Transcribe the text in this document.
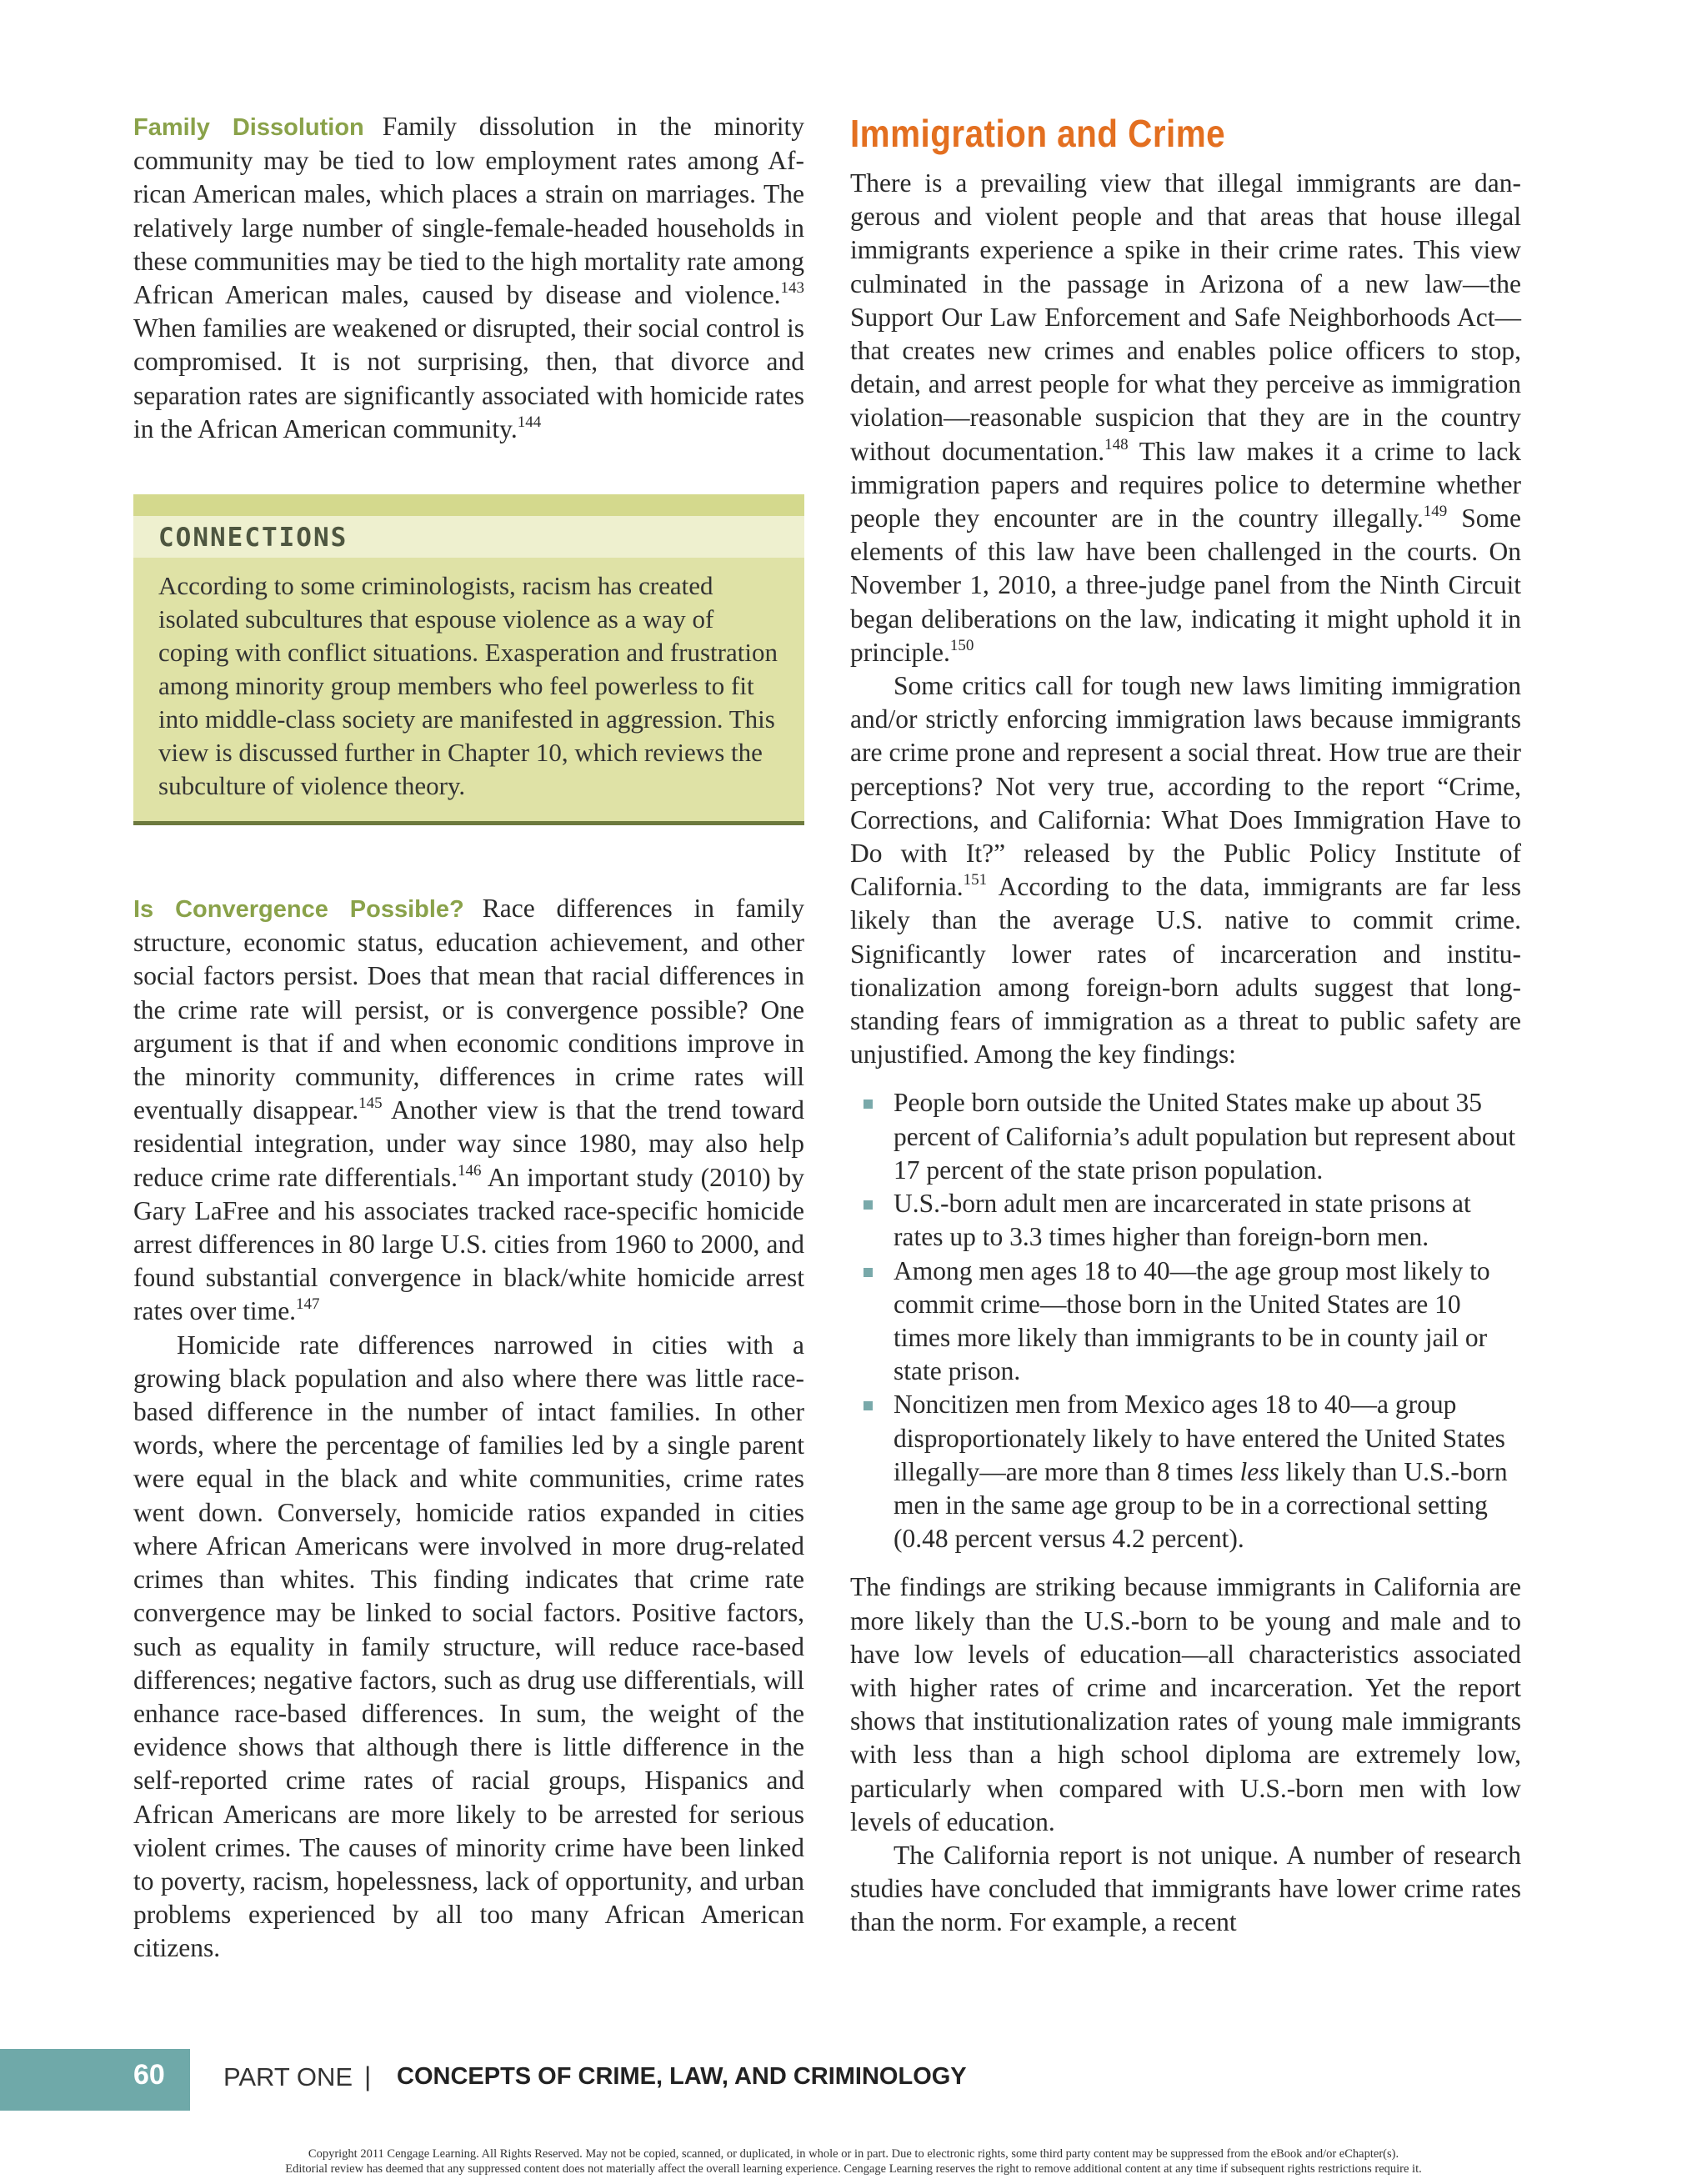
Family Dissolution Family dissolution in the minority community may be tied to low employment rates among African American males, which places a strain on marriages. The relatively large number of single-female-headed households in these communities may be tied to the high mortality rate among African American males, caused by disease and violence.$^{143}$ When families are weakened or disrupted, their social control is compromised. It is not surprising, then, that divorce and separation rates are significantly associated with homicide rates in the African American community.$^{144}$

CONNECTIONS
According to some criminologists, racism has created isolated subcultures that espouse violence as a way of coping with conflict situations. Exasperation and frustration among minority group members who feel powerless to fit into middle-class society are manifested in aggression. This view is discussed further in Chapter 10, which reviews the subculture of violence theory.

Is Convergence Possible? Race differences in family structure, economic status, education achievement, and other social factors persist. Does that mean that racial differences in the crime rate will persist, or is convergence possible? One argument is that if and when economic conditions improve in the minority community, differences in crime rates will eventually disappear.$^{145}$ Another view is that the trend toward residential integration, under way since 1980, may also help reduce crime rate differentials.$^{146}$ An important study (2010) by Gary LaFree and his associates tracked race-specific homicide arrest differences in 80 large U.S. cities from 1960 to 2000, and found substantial convergence in black/white homicide arrest rates over time.$^{147}$

Homicide rate differences narrowed in cities with a growing black population and also where there was little race-based difference in the number of intact families. In other words, where the percentage of families led by a single parent were equal in the black and white communities, crime rates went down. Conversely, homicide ratios expanded in cities where African Americans were involved in more drug-related crimes than whites. This finding indicates that crime rate convergence may be linked to social factors. Positive factors, such as equality in family structure, will reduce race-based differences; negative factors, such as drug use differentials, will enhance race-based differences. In sum, the weight of the evidence shows that although there is little difference in the self-reported crime rates of racial groups, Hispanics and African Americans are more likely to be arrested for serious violent crimes. The causes of minority crime have been linked to poverty, racism, hopelessness, lack of opportunity, and urban problems experienced by all too many African American citizens.

Immigration and Crime

There is a prevailing view that illegal immigrants are dangerous and violent people and that areas that house illegal immigrants experience a spike in their crime rates. This view culminated in the passage in Arizona of a new law—the Support Our Law Enforcement and Safe Neighborhoods Act—that creates new crimes and enables police officers to stop, detain, and arrest people for what they perceive as immigration violation—reasonable suspicion that they are in the country without documentation.$^{148}$ This law makes it a crime to lack immigration papers and requires police to determine whether people they encounter are in the country illegally.$^{149}$ Some elements of this law have been challenged in the courts. On November 1, 2010, a three-judge panel from the Ninth Circuit began deliberations on the law, indicating it might uphold it in principle.$^{150}$

Some critics call for tough new laws limiting immigration and/or strictly enforcing immigration laws because immigrants are crime prone and represent a social threat. How true are their perceptions? Not very true, according to the report “Crime, Corrections, and California: What Does Immigration Have to Do with It?” released by the Public Policy Institute of California.$^{151}$ According to the data, immigrants are far less likely than the average U.S. native to commit crime. Significantly lower rates of incarceration and institutionalization among foreign-born adults suggest that longstanding fears of immigration as a threat to public safety are unjustified. Among the key findings:

People born outside the United States make up about 35 percent of California’s adult population but represent about 17 percent of the state prison population.
U.S.-born adult men are incarcerated in state prisons at rates up to 3.3 times higher than foreign-born men.
Among men ages 18 to 40—the age group most likely to commit crime—those born in the United States are 10 times more likely than immigrants to be in county jail or state prison.
Noncitizen men from Mexico ages 18 to 40—a group disproportionately likely to have entered the United States illegally—are more than 8 times less likely than U.S.-born men in the same age group to be in a correctional setting (0.48 percent versus 4.2 percent).

The findings are striking because immigrants in California are more likely than the U.S.-born to be young and male and to have low levels of education—all characteristics associated with higher rates of crime and incarceration. Yet the report shows that institutionalization rates of young male immigrants with less than a high school diploma are extremely low, particularly when compared with U.S.-born men with low levels of education.

The California report is not unique. A number of research studies have concluded that immigrants have lower crime rates than the norm. For example, a recent

60 PART ONE | CONCEPTS OF CRIME, LAW, AND CRIMINOLOGY
Copyright 2011 Cengage Learning. All Rights Reserved. May not be copied, scanned, or duplicated, in whole or in part. Due to electronic rights, some third party content may be suppressed from the eBook and/or eChapter(s).
Editorial review has deemed that any suppressed content does not materially affect the overall learning experience. Cengage Learning reserves the right to remove additional content at any time if subsequent rights restrictions require it.
